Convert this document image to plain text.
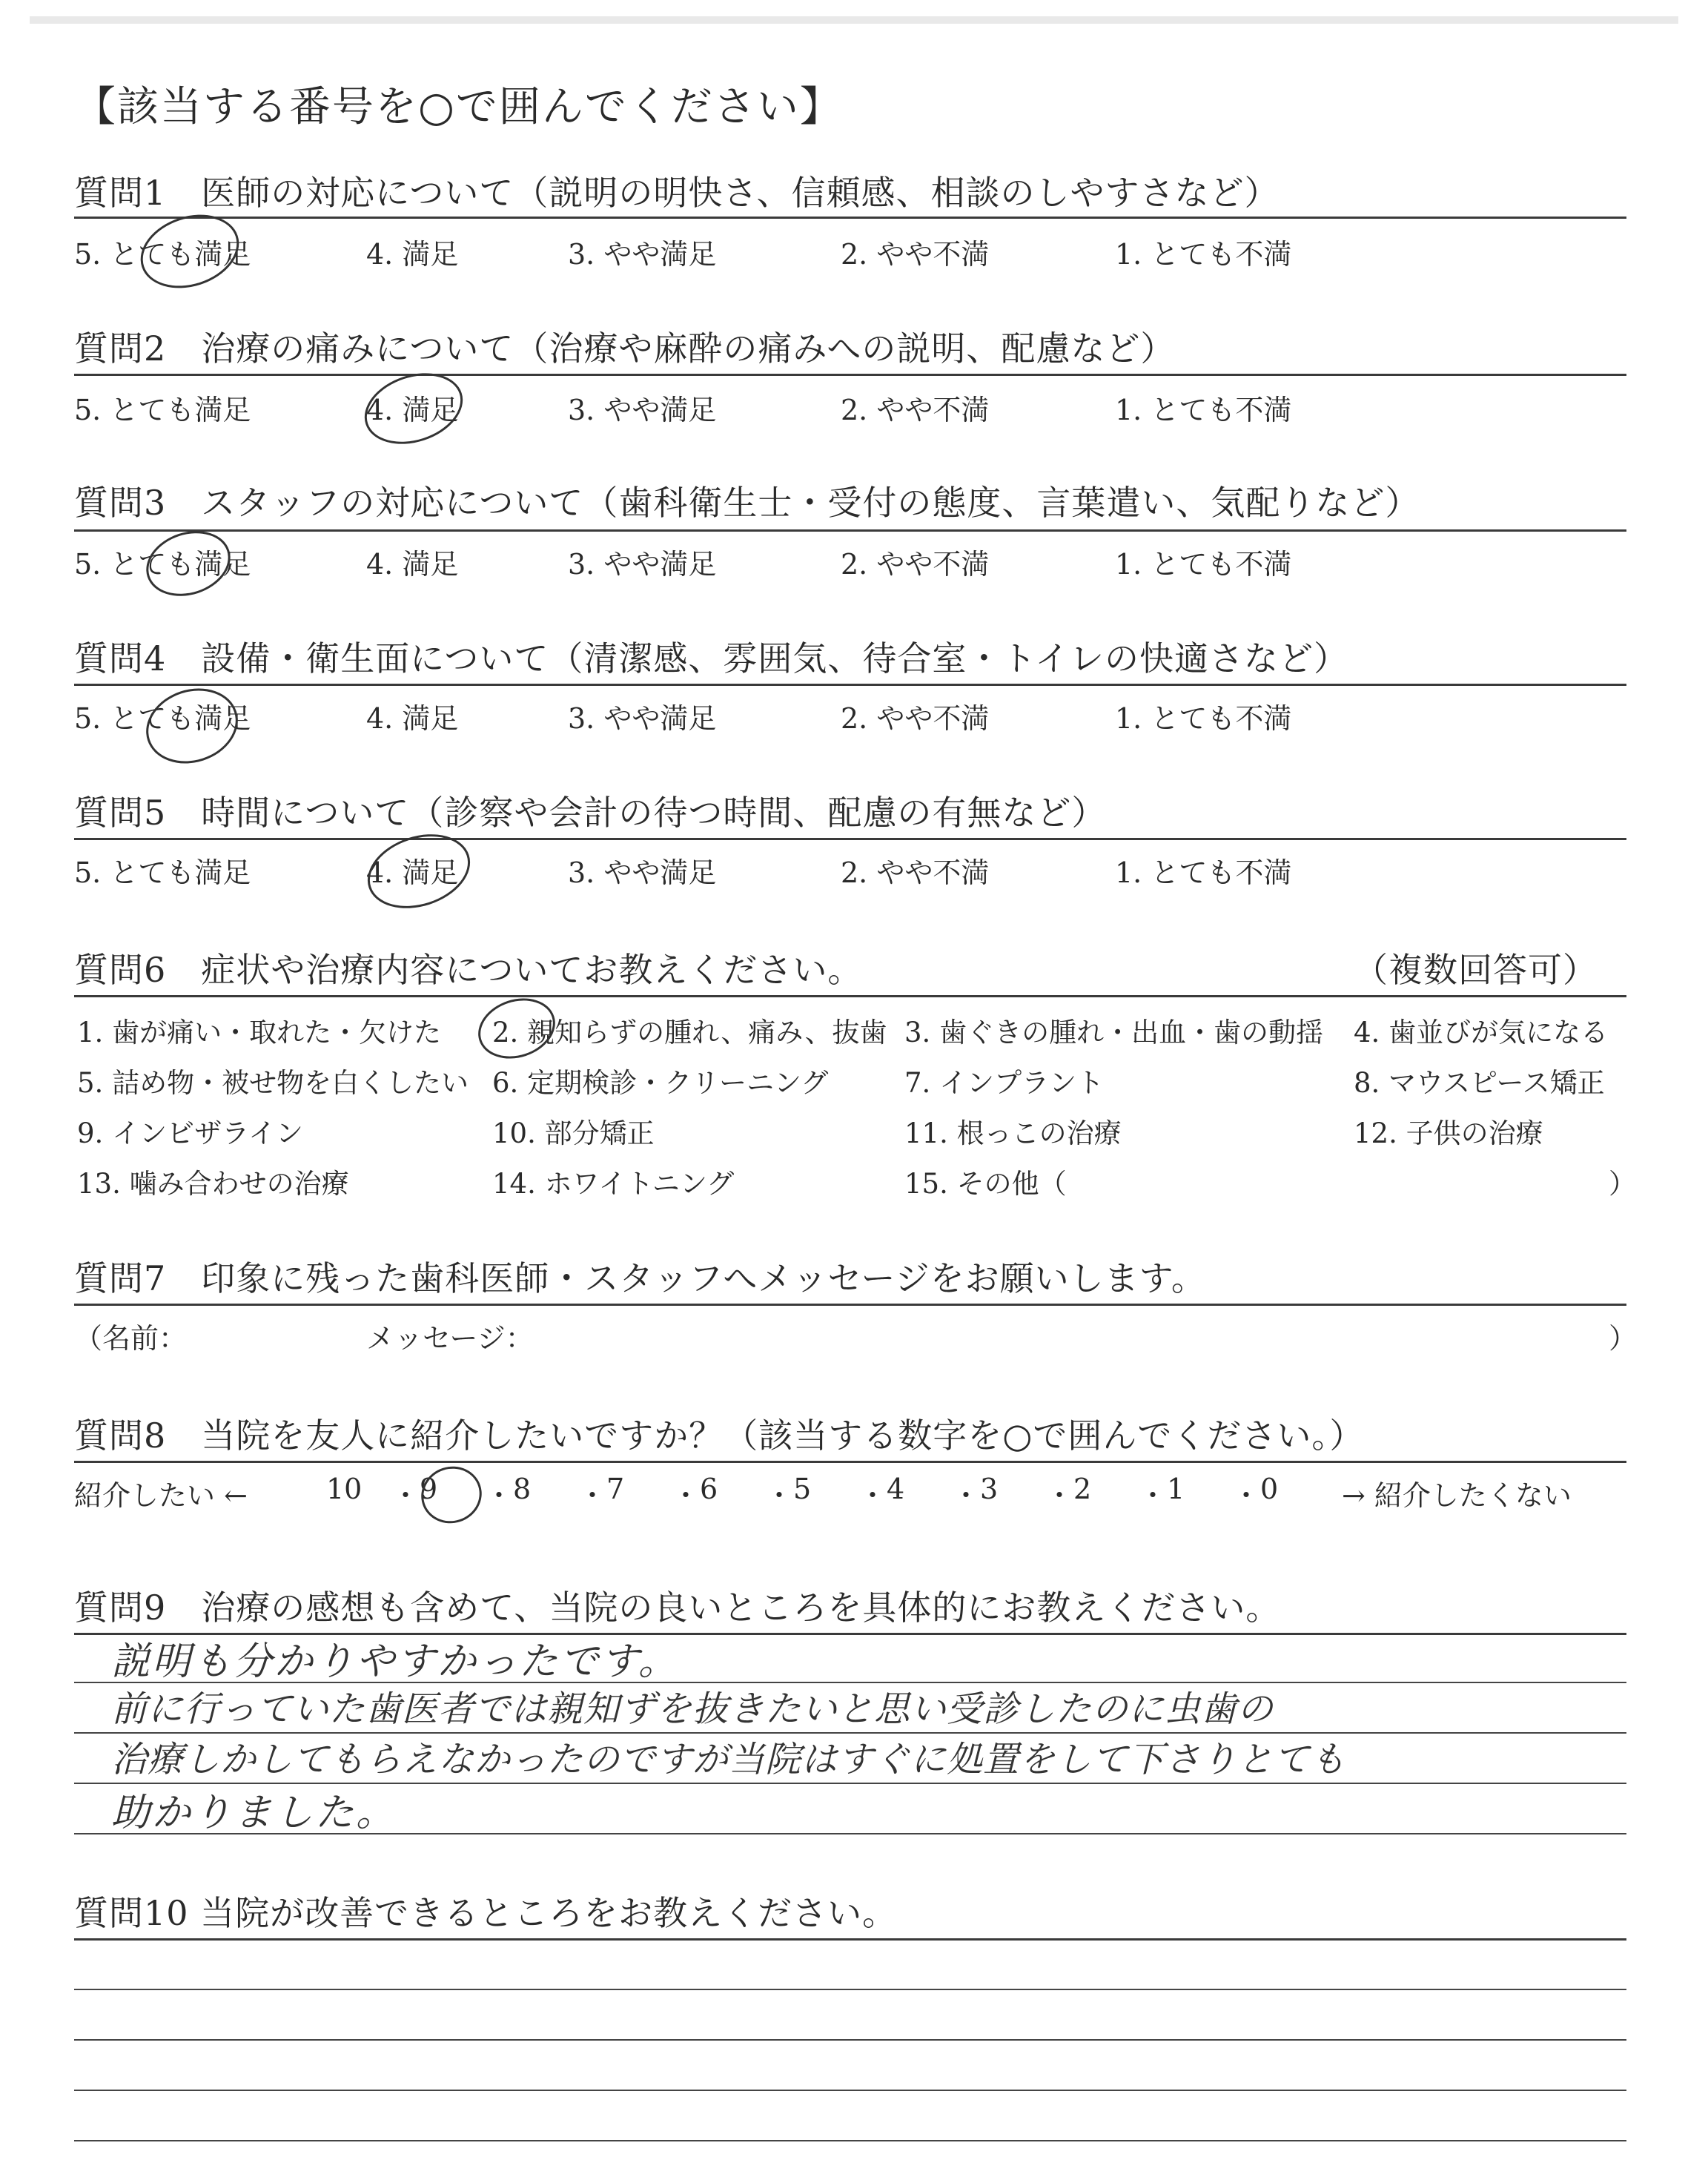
【該当する番号を○で囲んでください】
質問1　医師の対応について（説明の明快さ、信頼感、相談のしやすさなど）
5. とても満足	4. 満足	3. やや満足	2. やや不満	1. とても不満
質問2　治療の痛みについて（治療や麻酔の痛みへの説明、配慮など）
5. とても満足	4. 満足	3. やや満足	2. やや不満	1. とても不満
質問3　スタッフの対応について（歯科衛生士・受付の態度、言葉遣い、気配りなど）
5. とても満足	4. 満足	3. やや満足	2. やや不満	1. とても不満
質問4　設備・衛生面について（清潔感、雰囲気、待合室・トイレの快適さなど）
5. とても満足	4. 満足	3. やや満足	2. やや不満	1. とても不満
質問5　時間について（診察や会計の待つ時間、配慮の有無など）
5. とても満足	4. 満足	3. やや満足	2. やや不満	1. とても不満
質問6　症状や治療内容についてお教えください。	（複数回答可）
1. 歯が痛い・取れた・欠けた 2. 親知らずの腫れ、痛み、抜歯 3. 歯ぐきの腫れ・出血・歯の動揺 4. 歯並びが気になる
5. 詰め物・被せ物を白くしたい 6. 定期検診・クリーニング	7. インプラント	8. マウスピース矯正
9. インビザライン	10. 部分矯正	11. 根っこの治療	12. 子供の治療
13. 噛み合わせの治療	14. ホワイトニング	15. その他（	）
質問7　印象に残った歯科医師・スタッフへメッセージをお願いします。
（名前：	メッセージ：	）
質問8　当院を友人に紹介したいですか？（該当する数字を○で囲んでください。）
紹介したい ←	→ 紹介したくない
10 ・ 9 ・ 8 ・ 7 ・ 6 ・ 5 ・ 4 ・ 3 ・ 2 ・ 1 ・ 0
質問9　治療の感想も含めて、当院の良いところを具体的にお教えください。
説明も分かりやすかったです。
前に行っていた歯医者では親知ずを抜きたいと思い受診したのに虫歯の
治療しかしてもらえなかったのですが当院はすぐに処置をして下さりとても
助かりました。
質問10 当院が改善できるところをお教えください。
